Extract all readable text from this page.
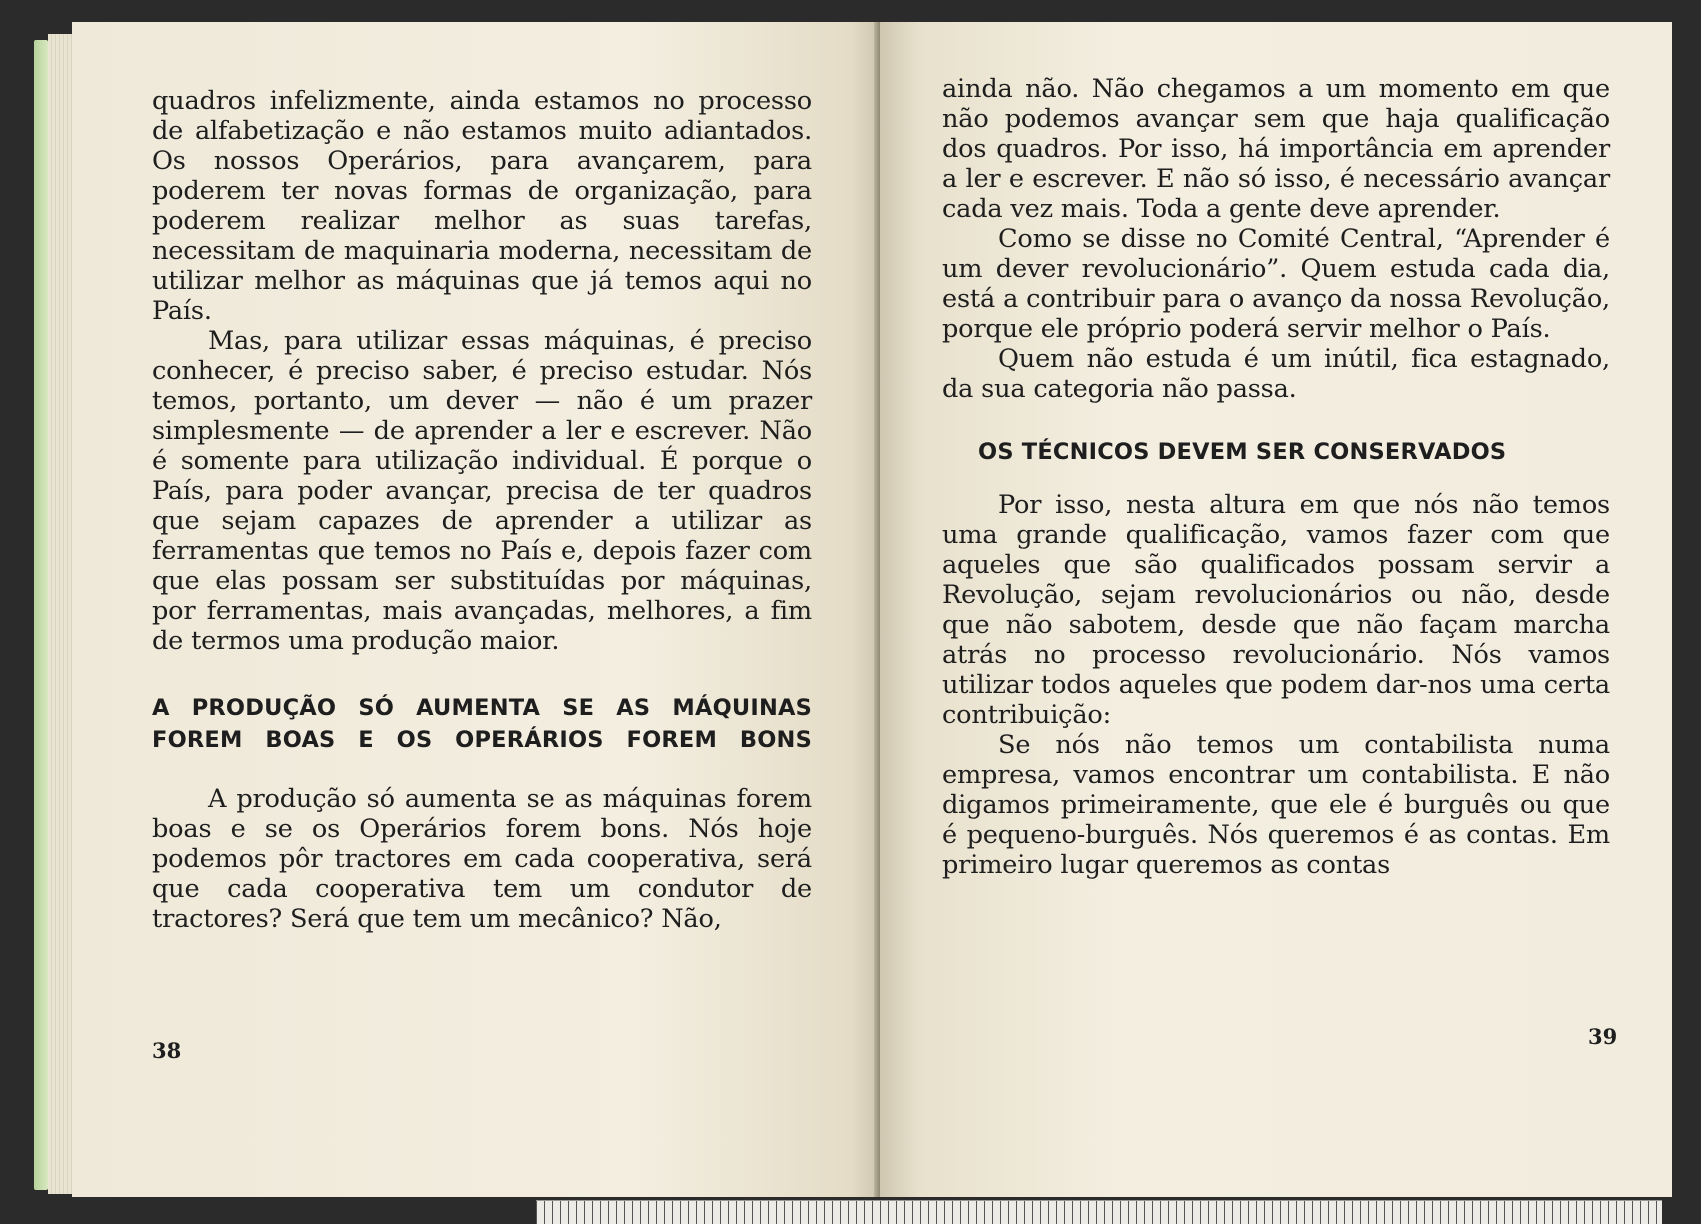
quadros infelizmente, ainda estamos no processo de alfabetização e não estamos muito adiantados. Os nossos Operários, para avançarem, para poderem ter novas formas de organização, para poderem realizar melhor as suas tarefas, necessitam de maquinaria moderna, necessitam de utilizar melhor as máquinas que já temos aqui no País.

Mas, para utilizar essas máquinas, é preciso conhecer, é preciso saber, é preciso estudar. Nós temos, portanto, um dever — não é um prazer simplesmente — de aprender a ler e escrever. Não é somente para utilização individual. É porque o País, para poder avançar, precisa de ter quadros que sejam capazes de aprender a utilizar as ferramentas que temos no País e, depois fazer com que elas possam ser substituídas por máquinas, por ferramentas, mais avançadas, melhores, a fim de termos uma produção maior.

A PRODUÇÃO SÓ AUMENTA SE AS MÁQUINAS FOREM BOAS E OS OPERÁRIOS FOREM BONS

A produção só aumenta se as máquinas forem boas e se os Operários forem bons. Nós hoje podemos pôr tractores em cada cooperativa, será que cada cooperativa tem um condutor de tractores? Será que tem um mecânico? Não,

38

ainda não. Não chegamos a um momento em que não podemos avançar sem que haja qualificação dos quadros. Por isso, há importância em aprender a ler e escrever. E não só isso, é necessário avançar cada vez mais. Toda a gente deve aprender.

Como se disse no Comité Central, “Aprender é um dever revolucionário”. Quem estuda cada dia, está a contribuir para o avanço da nossa Revolução, porque ele próprio poderá servir melhor o País.

Quem não estuda é um inútil, fica estagnado, da sua categoria não passa.

OS TÉCNICOS DEVEM SER CONSERVADOS

Por isso, nesta altura em que nós não temos uma grande qualificação, vamos fazer com que aqueles que são qualificados possam servir a Revolução, sejam revolucionários ou não, desde que não sabotem, desde que não façam marcha atrás no processo revolucionário. Nós vamos utilizar todos aqueles que podem dar-nos uma certa contribuição:

Se nós não temos um contabilista numa empresa, vamos encontrar um contabilista. E não digamos primeiramente, que ele é burguês ou que é pequeno-burguês. Nós queremos é as contas. Em primeiro lugar queremos as contas

39
